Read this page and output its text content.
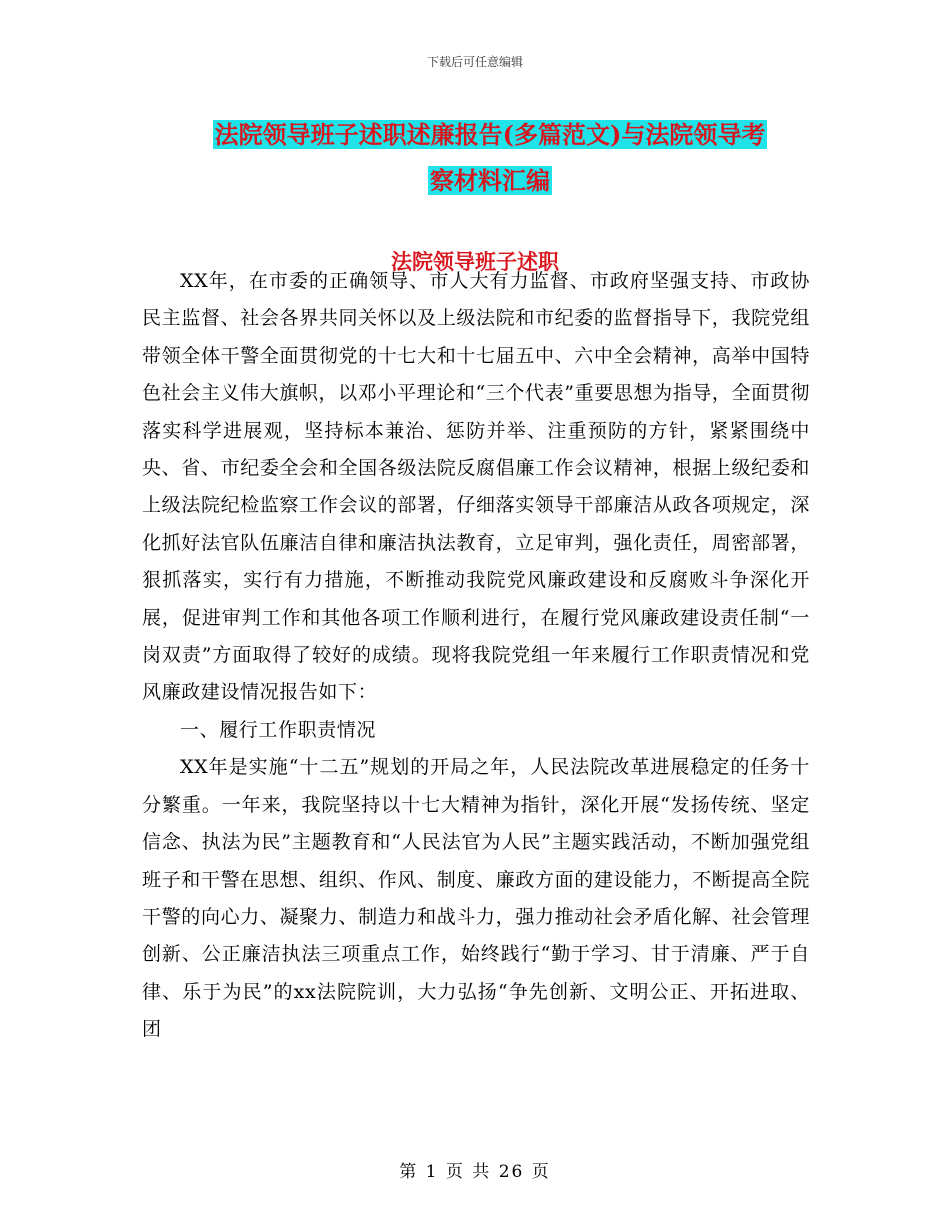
下载后可任意编辑
法院领导班子述职述廉报告(多篇范文)与法院领导考
察材料汇编
法院领导班子述职

XX年，在市委的正确领导、市人大有力监督、市政府坚强支持、市政协民主监督、社会各界共同关怀以及上级法院和市纪委的监督指导下，我院党组带领全体干警全面贯彻党的十七大和十七届五中、六中全会精神，高举中国特色社会主义伟大旗帜，以邓小平理论和“三个代表”重要思想为指导，全面贯彻落实科学进展观，坚持标本兼治、惩防并举、注重预防的方针，紧紧围绕中央、省、市纪委全会和全国各级法院反腐倡廉工作会议精神，根据上级纪委和上级法院纪检监察工作会议的部署，仔细落实领导干部廉洁从政各项规定，深化抓好法官队伍廉洁自律和廉洁执法教育，立足审判，强化责任，周密部署，狠抓落实，实行有力措施，不断推动我院党风廉政建设和反腐败斗争深化开展，促进审判工作和其他各项工作顺利进行，在履行党风廉政建设责任制“一岗双责”方面取得了较好的成绩。现将我院党组一年来履行工作职责情况和党风廉政建设情况报告如下：

一、履行工作职责情况

XX年是实施“十二五”规划的开局之年，人民法院改革进展稳定的任务十分繁重。一年来，我院坚持以十七大精神为指针，深化开展“发扬传统、坚定信念、执法为民”主题教育和“人民法官为人民”主题实践活动，不断加强党组班子和干警在思想、组织、作风、制度、廉政方面的建设能力，不断提高全院干警的向心力、凝聚力、制造力和战斗力，强力推动社会矛盾化解、社会管理创新、公正廉洁执法三项重点工作，始终践行“勤于学习、甘于清廉、严于自律、乐于为民”的xx法院院训，大力弘扬“争先创新、文明公正、开拓进取、团

第 1 页 共 26 页
